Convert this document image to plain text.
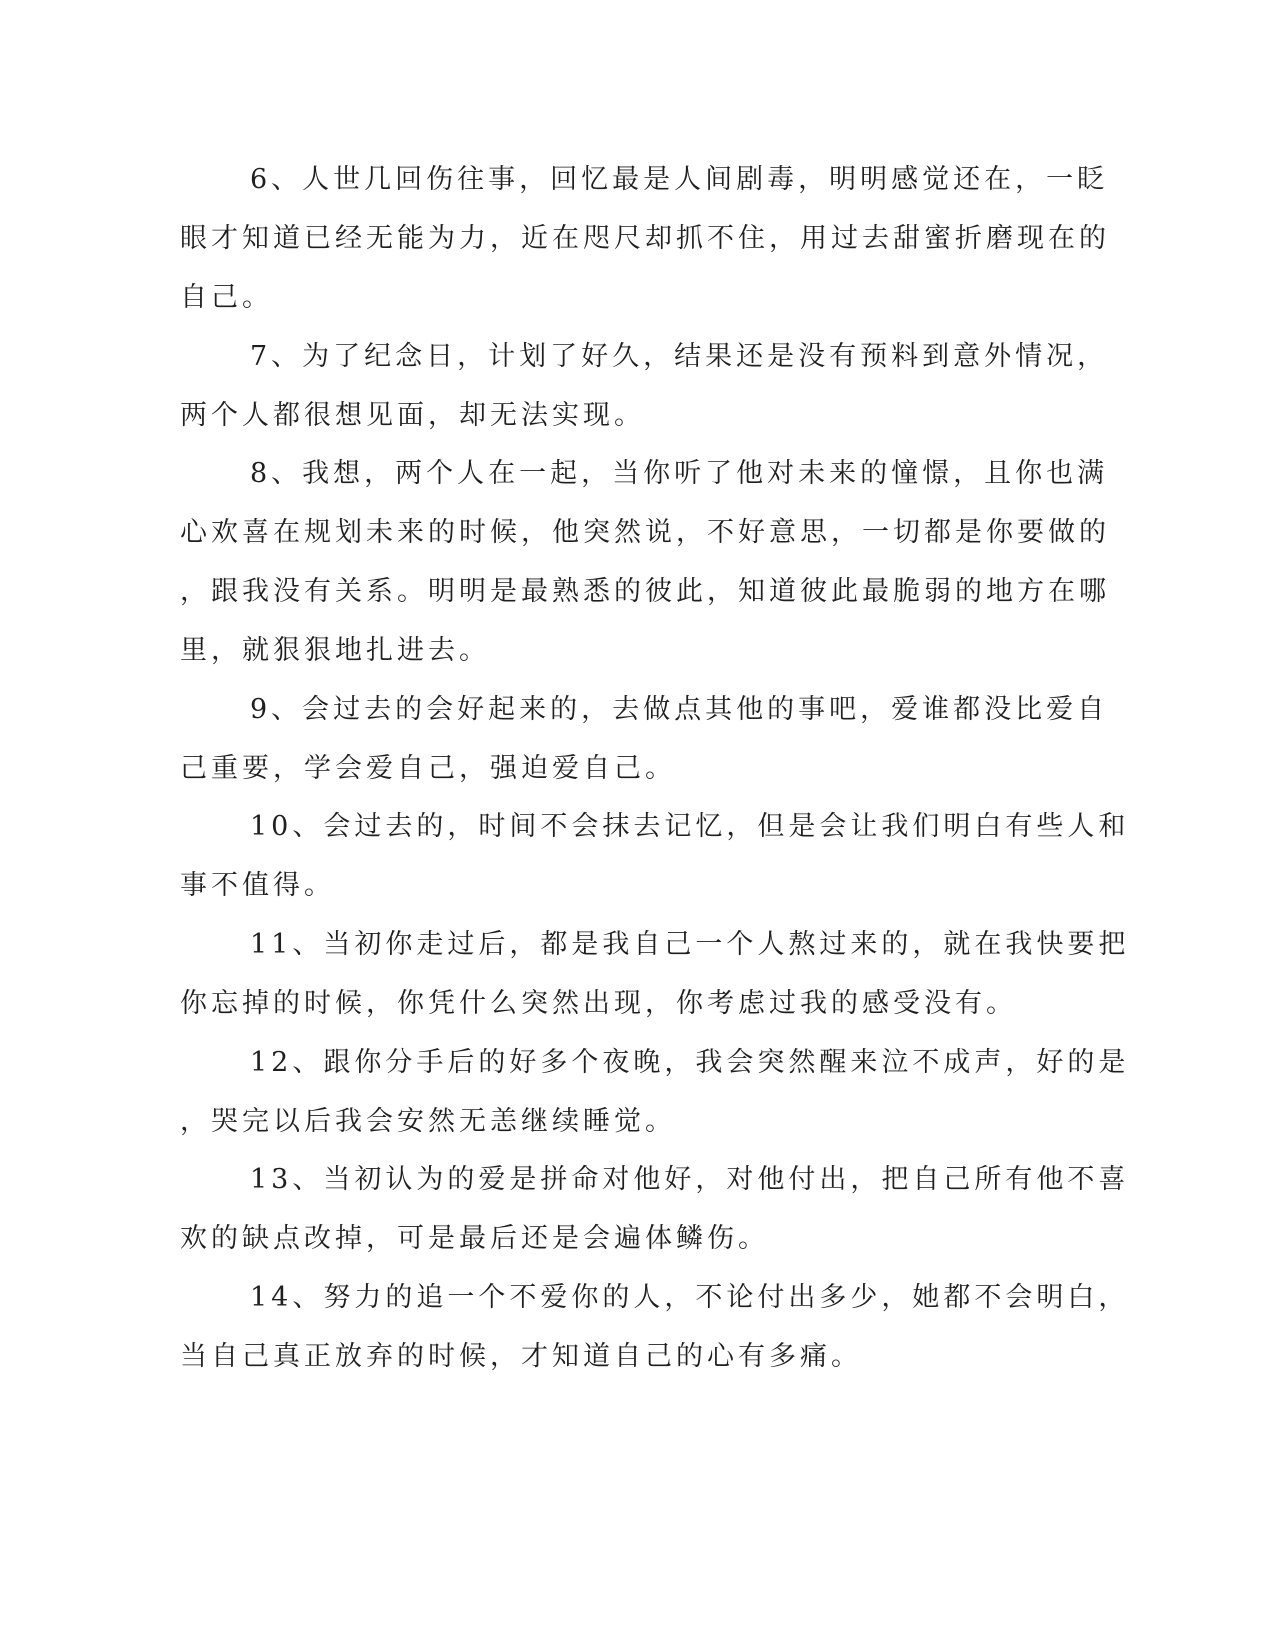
6、人世几回伤往事，回忆最是人间剧毒，明明感觉还在，一眨

眼才知道已经无能为力，近在咫尺却抓不住，用过去甜蜜折磨现在的

自己。

7、为了纪念日，计划了好久，结果还是没有预料到意外情况，

两个人都很想见面，却无法实现。

8、我想，两个人在一起，当你听了他对未来的憧憬，且你也满

心欢喜在规划未来的时候，他突然说，不好意思，一切都是你要做的

，跟我没有关系。明明是最熟悉的彼此，知道彼此最脆弱的地方在哪

里，就狠狠地扎进去。

9、会过去的会好起来的，去做点其他的事吧，爱谁都没比爱自

己重要，学会爱自己，强迫爱自己。

10、会过去的，时间不会抹去记忆，但是会让我们明白有些人和

事不值得。

11、当初你走过后，都是我自己一个人熬过来的，就在我快要把

你忘掉的时候，你凭什么突然出现，你考虑过我的感受没有。

12、跟你分手后的好多个夜晚，我会突然醒来泣不成声，好的是

，哭完以后我会安然无恙继续睡觉。

13、当初认为的爱是拼命对他好，对他付出，把自己所有他不喜

欢的缺点改掉，可是最后还是会遍体鳞伤。

14、努力的追一个不爱你的人，不论付出多少，她都不会明白，

当自己真正放弃的时候，才知道自己的心有多痛。
